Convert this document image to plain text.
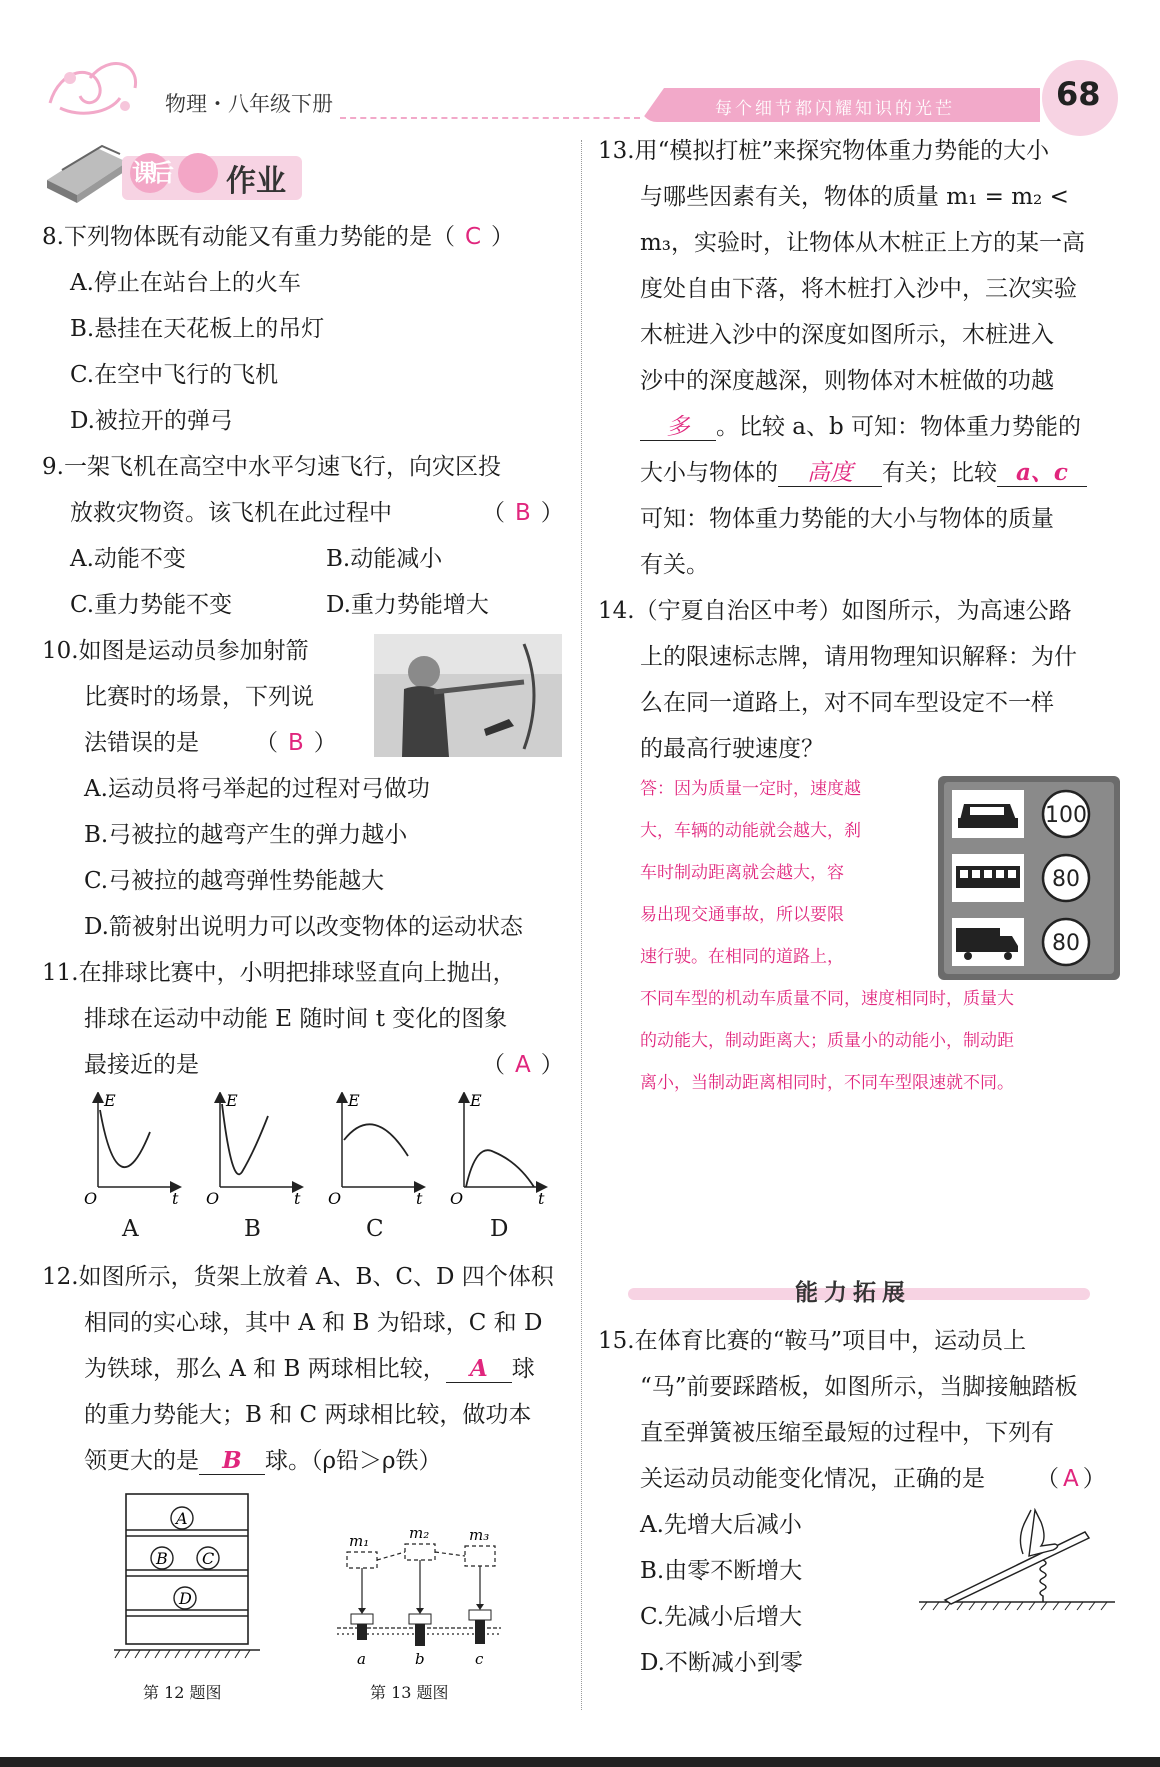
物理・八年级下册	每个细节都闪耀知识的光芒	68
课后 作业
8.下列物体既有动能又有重力势能的是（ C ）
A.停止在站台上的火车
B.悬挂在天花板上的吊灯
C.在空中飞行的飞机
D.被拉开的弹弓
9.一架飞机在高空中水平匀速飞行，向灾区投
放救灾物资。该飞机在此过程中	（ B ）
A.动能不变	B.动能减小
C.重力势能不变	D.重力势能增大
10.如图是运动员参加射箭
比赛时的场景，下列说
法错误的是 （ B ）
A.运动员将弓举起的过程对弓做功
B.弓被拉的越弯产生的弹力越小
C.弓被拉的越弯弹性势能越大
D.箭被射出说明力可以改变物体的运动状态
11.在排球比赛中，小明把排球竖直向上抛出，
排球在运动中动能 E 随时间 t 变化的图象
最接近的是	（ A ）
E
O	t
E
O	t
E
O	t
E
O	t
A	B	C	D
12.如图所示，货架上放着 A、B、C、D 四个体积
相同的实心球，其中 A 和 B 为铅球，C 和 D
为铁球，那么 A 和 B 两球相比较， A 球
的重力势能大；B 和 C 两球相比较，做功本
领更大的是 B 球。（ρ铅＞ρ铁）
A
B C
D
第 12 题图
m₁	m₂	m₃
a	b	c
第 13 题图
13.用“模拟打桩”来探究物体重力势能的大小
与哪些因素有关，物体的质量 m₁ = m₂ <
m₃，实验时，让物体从木桩正上方的某一高
度处自由下落，将木桩打入沙中，三次实验
木桩进入沙中的深度如图所示，木桩进入
沙中的深度越深，则物体对木桩做的功越
多 。比较 a、b 可知：物体重力势能的
大小与物体的 高度 有关；比较 a、c
可知：物体重力势能的大小与物体的质量
有关。
14.（宁夏自治区中考）如图所示，为高速公路
上的限速标志牌，请用物理知识解释：为什
么在同一道路上，对不同车型设定不一样
的最高行驶速度？
答：因为质量一定时，速度越
大，车辆的动能就会越大，刹
车时制动距离就会越大，容
易出现交通事故，所以要限
速行驶。在相同的道路上，
不同车型的机动车质量不同，速度相同时，质量大
的动能大，制动距离大；质量小的动能小，制动距
离小，当制动距离相同时，不同车型限速就不同。
100
80
80
能力拓展
15.在体育比赛的“鞍马”项目中，运动员上
“马”前要踩踏板，如图所示，当脚接触踏板
直至弹簧被压缩至最短的过程中，下列有
关运动员动能变化情况，正确的是 （ A ）
A.先增大后减小
B.由零不断增大
C.先减小后增大
D.不断减小到零
